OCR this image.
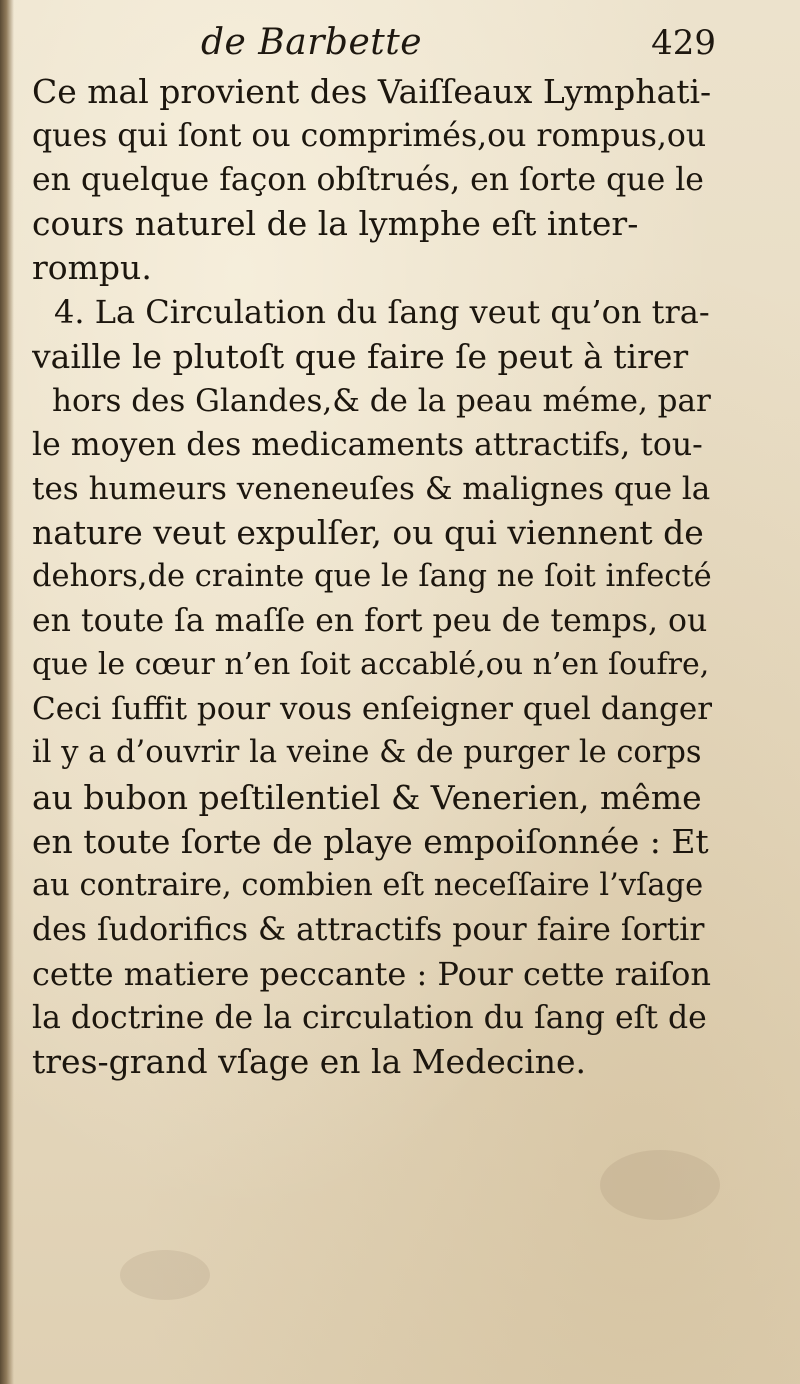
de Barbette	429
Ce mal provient des Vaiſſeaux Lymphati-
ques qui ſont ou comprimés,ou rompus,ou
en quelque façon obſtrués, en ſorte que le
cours naturel de la lymphe eſt inter-
rompu.
4. La Circulation du ſang veut qu’on tra-
vaille le plutoſt que faire ſe peut à tirer
hors des Glandes,& de la peau méme, par
le moyen des medicaments attractifs, tou-
tes humeurs veneneuſes & malignes que la
nature veut expulſer, ou qui viennent de
dehors,de crainte que le ſang ne ſoit infecté
en toute ſa maſſe en fort peu de temps, ou
que le cœur n’en ſoit accablé,ou n’en ſoufre,
Ceci ſuffit pour vous enſeigner quel danger
il y a d’ouvrir la veine & de purger le corps
au bubon peſtilentiel & Venerien, même
en toute ſorte de playe empoiſonnée : Et
au contraire, combien eſt neceſſaire l’vſage
des ſudorifics & attractifs pour faire ſortir
cette matiere peccante : Pour cette raiſon
la doctrine de la circulation du ſang eſt de
tres-grand vſage en la Medecine.
